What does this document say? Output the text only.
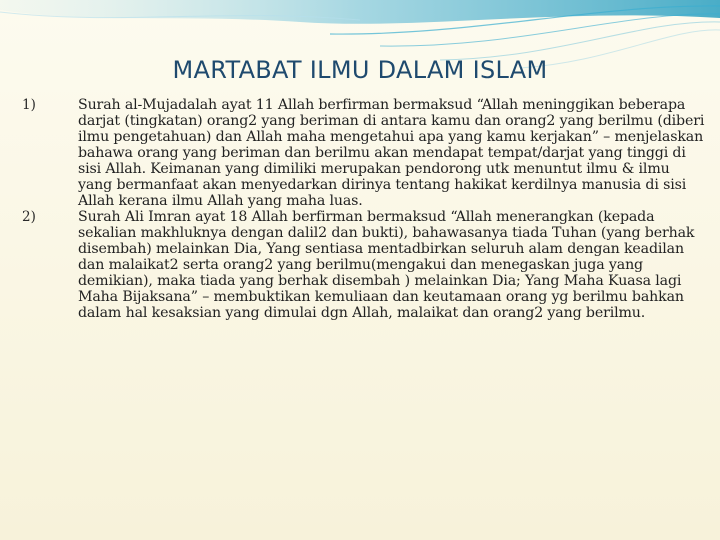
MARTABAT ILMU DALAM ISLAM
1)	Surah al-Mujadalah ayat 11 Allah berfirman bermaksud “Allah meninggikan beberapa darjat (tingkatan) orang2 yang beriman di antara kamu dan orang2 yang berilmu (diberi ilmu pengetahuan) dan Allah maha mengetahui apa yang kamu kerjakan” – menjelaskan bahawa orang yang beriman dan berilmu akan mendapat tempat/darjat yang tinggi di sisi Allah. Keimanan yang dimiliki merupakan pendorong utk menuntut ilmu & ilmu yang bermanfaat akan menyedarkan dirinya tentang hakikat kerdilnya manusia di sisi Allah kerana ilmu Allah yang maha luas.
2)	Surah Ali Imran ayat 18 Allah berfirman bermaksud “Allah menerangkan (kepada sekalian makhluknya dengan dalil2 dan bukti), bahawasanya tiada Tuhan (yang berhak disembah) melainkan Dia, Yang sentiasa mentadbirkan seluruh alam dengan keadilan dan malaikat2 serta orang2 yang berilmu(mengakui dan menegaskan juga yang demikian), maka tiada yang berhak disembah ) melainkan Dia; Yang Maha Kuasa lagi Maha Bijaksana” – membuktikan kemuliaan dan keutamaan orang yg berilmu bahkan dalam hal kesaksian yang dimulai dgn Allah, malaikat dan orang2 yang berilmu.
